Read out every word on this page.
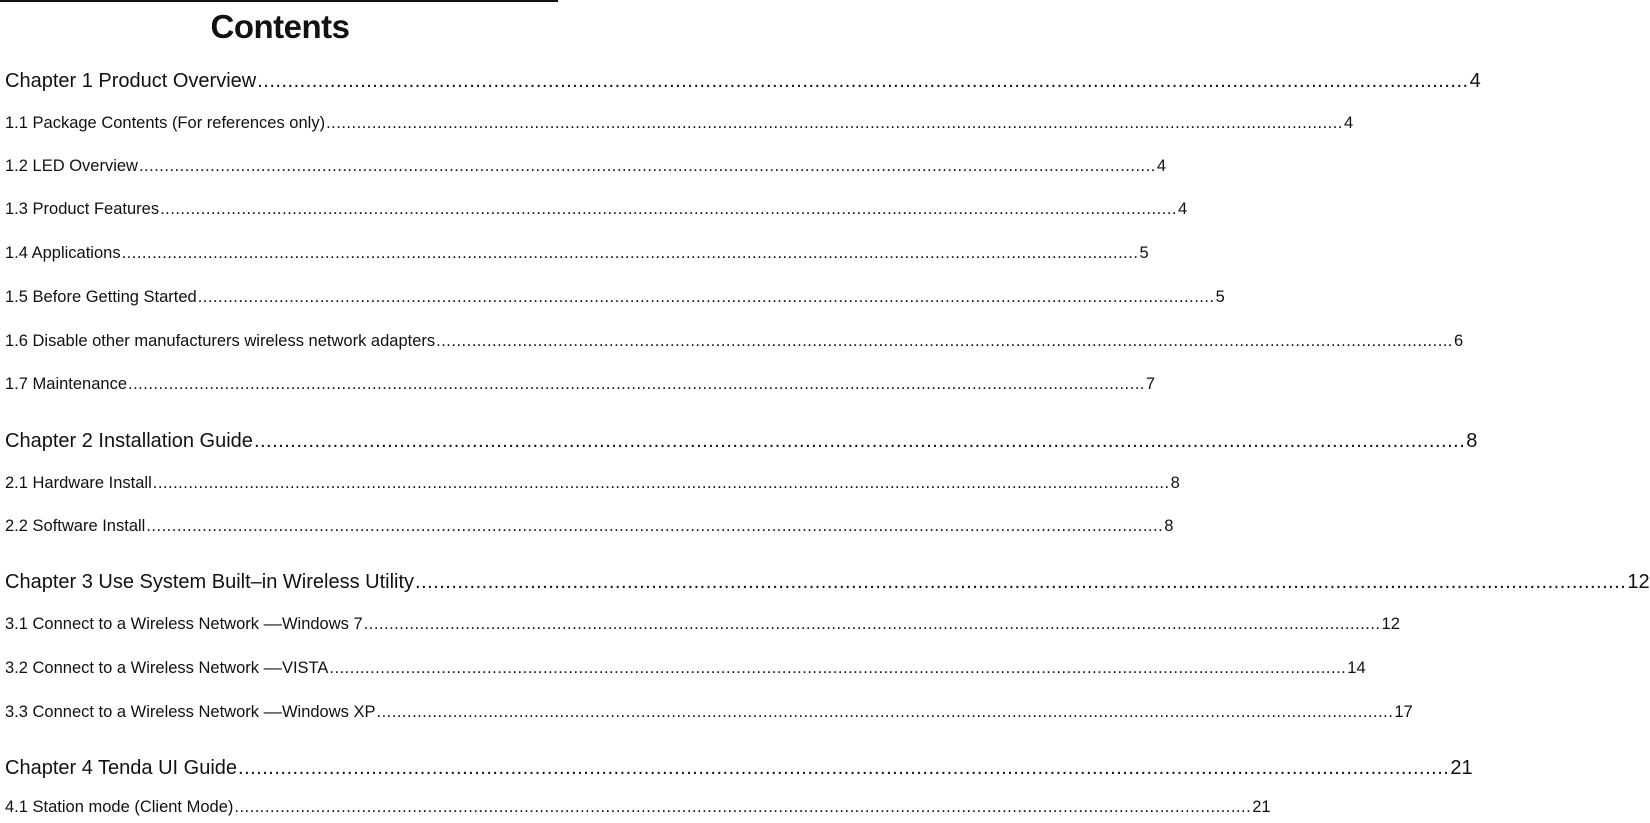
Contents
Chapter 1 Product Overview ........................................................................................................................................................................................................ 4
1.1 Package Contents (For references only) ........................................................................................................................................................................................................ 4
1.2 LED Overview ........................................................................................................................................................................................................ 4
1.3 Product Features ........................................................................................................................................................................................................ 4
1.4 Applications ........................................................................................................................................................................................................ 5
1.5 Before Getting Started ........................................................................................................................................................................................................ 5
1.6 Disable other manufacturers wireless network adapters ........................................................................................................................................................................................................ 6
1.7 Maintenance ........................................................................................................................................................................................................ 7
Chapter 2 Installation Guide ........................................................................................................................................................................................................ 8
2.1 Hardware Install ........................................................................................................................................................................................................ 8
2.2 Software Install ........................................................................................................................................................................................................ 8
Chapter 3 Use System Built–in Wireless Utility ........................................................................................................................................................................................................ 12
3.1 Connect to a Wireless Network ––Windows 7 ........................................................................................................................................................................................................ 12
3.2 Connect to a Wireless Network ––VISTA ........................................................................................................................................................................................................ 14
3.3 Connect to a Wireless Network ––Windows XP ........................................................................................................................................................................................................ 17
Chapter 4 Tenda UI Guide ........................................................................................................................................................................................................ 21
4.1 Station mode (Client Mode) ........................................................................................................................................................................................................ 21
